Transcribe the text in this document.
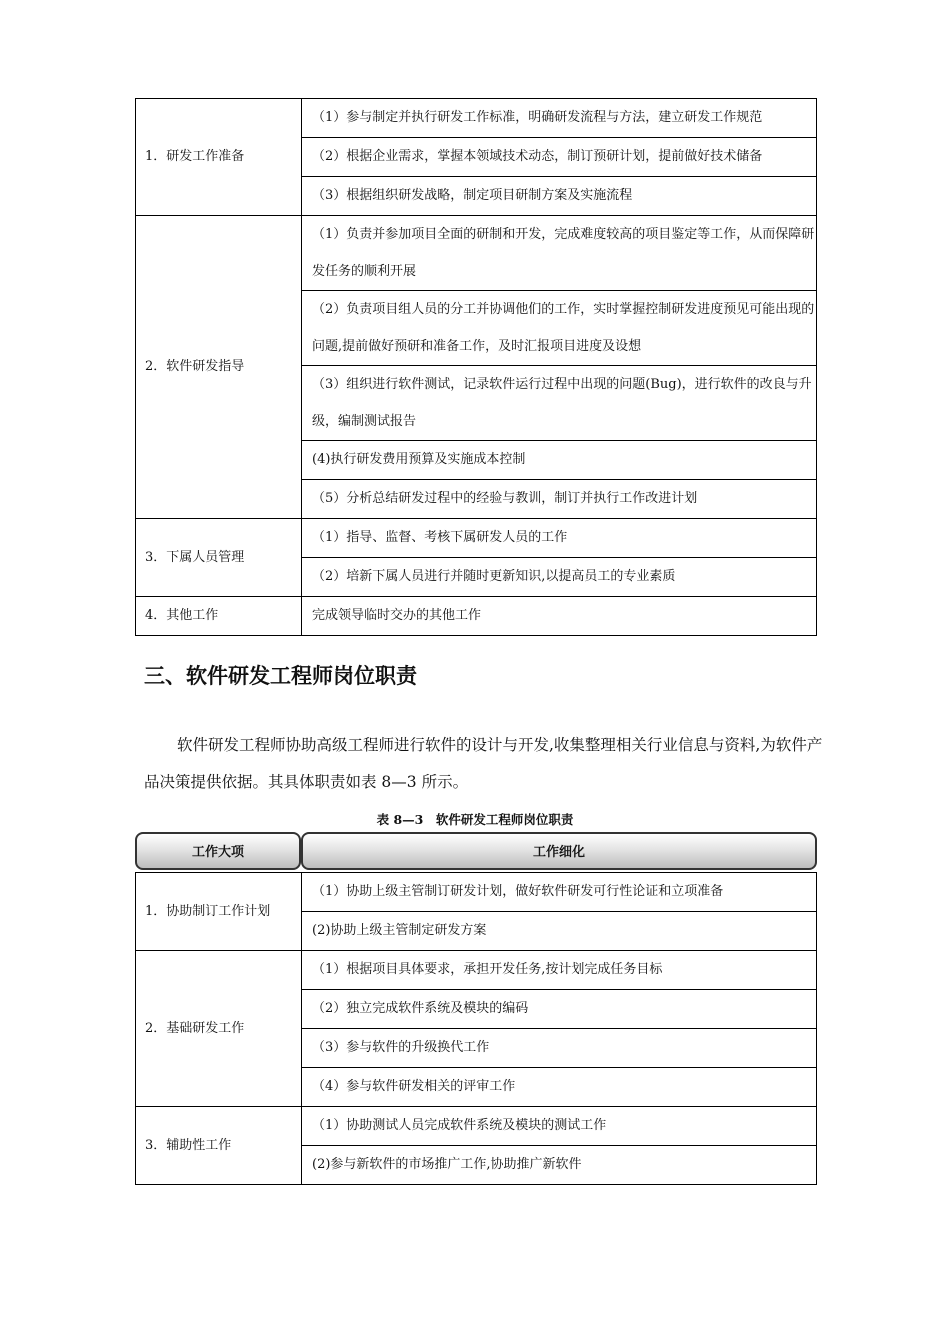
1．研发工作准备	（1）参与制定并执行研发工作标准，明确研发流程与方法，建立研发工作规范
	（2）根据企业需求，掌握本领域技术动态，制订预研计划，提前做好技术储备
	（3）根据组织研发战略，制定项目研制方案及实施流程
2．软件研发指导	（1）负责并参加项目全面的研制和开发，完成难度较高的项目鉴定等工作，从而保障研发任务的顺利开展
	（2）负责项目组人员的分工并协调他们的工作，实时掌握控制研发进度预见可能出现的问题,提前做好预研和准备工作，及时汇报项目进度及设想
	（3）组织进行软件测试，记录软件运行过程中出现的问题(Bug)，进行软件的改良与升级，编制测试报告
	(4)执行研发费用预算及实施成本控制
	（5）分析总结研发过程中的经验与教训，制订并执行工作改进计划
3．下属人员管理	（1）指导、监督、考核下属研发人员的工作
	（2）培新下属人员进行并随时更新知识,以提高员工的专业素质
4．其他工作	完成领导临时交办的其他工作
三、软件研发工程师岗位职责
软件研发工程师协助高级工程师进行软件的设计与开发,收集整理相关行业信息与资料,为软件产品决策提供依据。其具体职责如表 8—3 所示。
表 8—3　软件研发工程师岗位职责
工作大项	工作细化
1．协助制订工作计划	（1）协助上级主管制订研发计划，做好软件研发可行性论证和立项准备
	(2)协助上级主管制定研发方案
2．基础研发工作	（1）根据项目具体要求，承担开发任务,按计划完成任务目标
	（2）独立完成软件系统及模块的编码
	（3）参与软件的升级换代工作
	（4）参与软件研发相关的评审工作
3．辅助性工作	（1）协助测试人员完成软件系统及模块的测试工作
	(2)参与新软件的市场推广工作,协助推广新软件
